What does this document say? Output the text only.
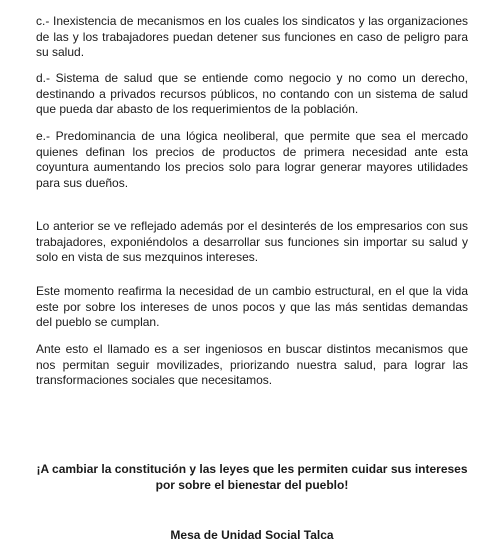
c.- Inexistencia de mecanismos en los cuales los sindicatos y las organizaciones de las y los trabajadores puedan detener sus funciones en caso de peligro para su salud.

d.- Sistema de salud que se entiende como negocio y no como un derecho, destinando a privados recursos públicos, no contando con un sistema de salud que pueda dar abasto de los requerimientos de la población.

e.- Predominancia de una lógica neoliberal, que permite que sea el mercado quienes definan los precios de productos de primera necesidad ante esta coyuntura aumentando los precios solo para lograr generar mayores utilidades para sus dueños.

Lo anterior se ve reflejado además por el desinterés de los empresarios con sus trabajadores, exponiéndolos a desarrollar sus funciones sin importar su salud y solo en vista de sus mezquinos intereses.

Este momento reafirma la necesidad de un cambio estructural, en el que la vida este por sobre los intereses de unos pocos y que las más sentidas demandas del pueblo se cumplan.

Ante esto el llamado es a ser ingeniosos en buscar distintos mecanismos que nos permitan seguir movilizades, priorizando nuestra salud, para lograr las transformaciones sociales que necesitamos.

¡A cambiar la constitución y las leyes que les permiten cuidar sus intereses por sobre el bienestar del pueblo!

Mesa de Unidad Social Talca
